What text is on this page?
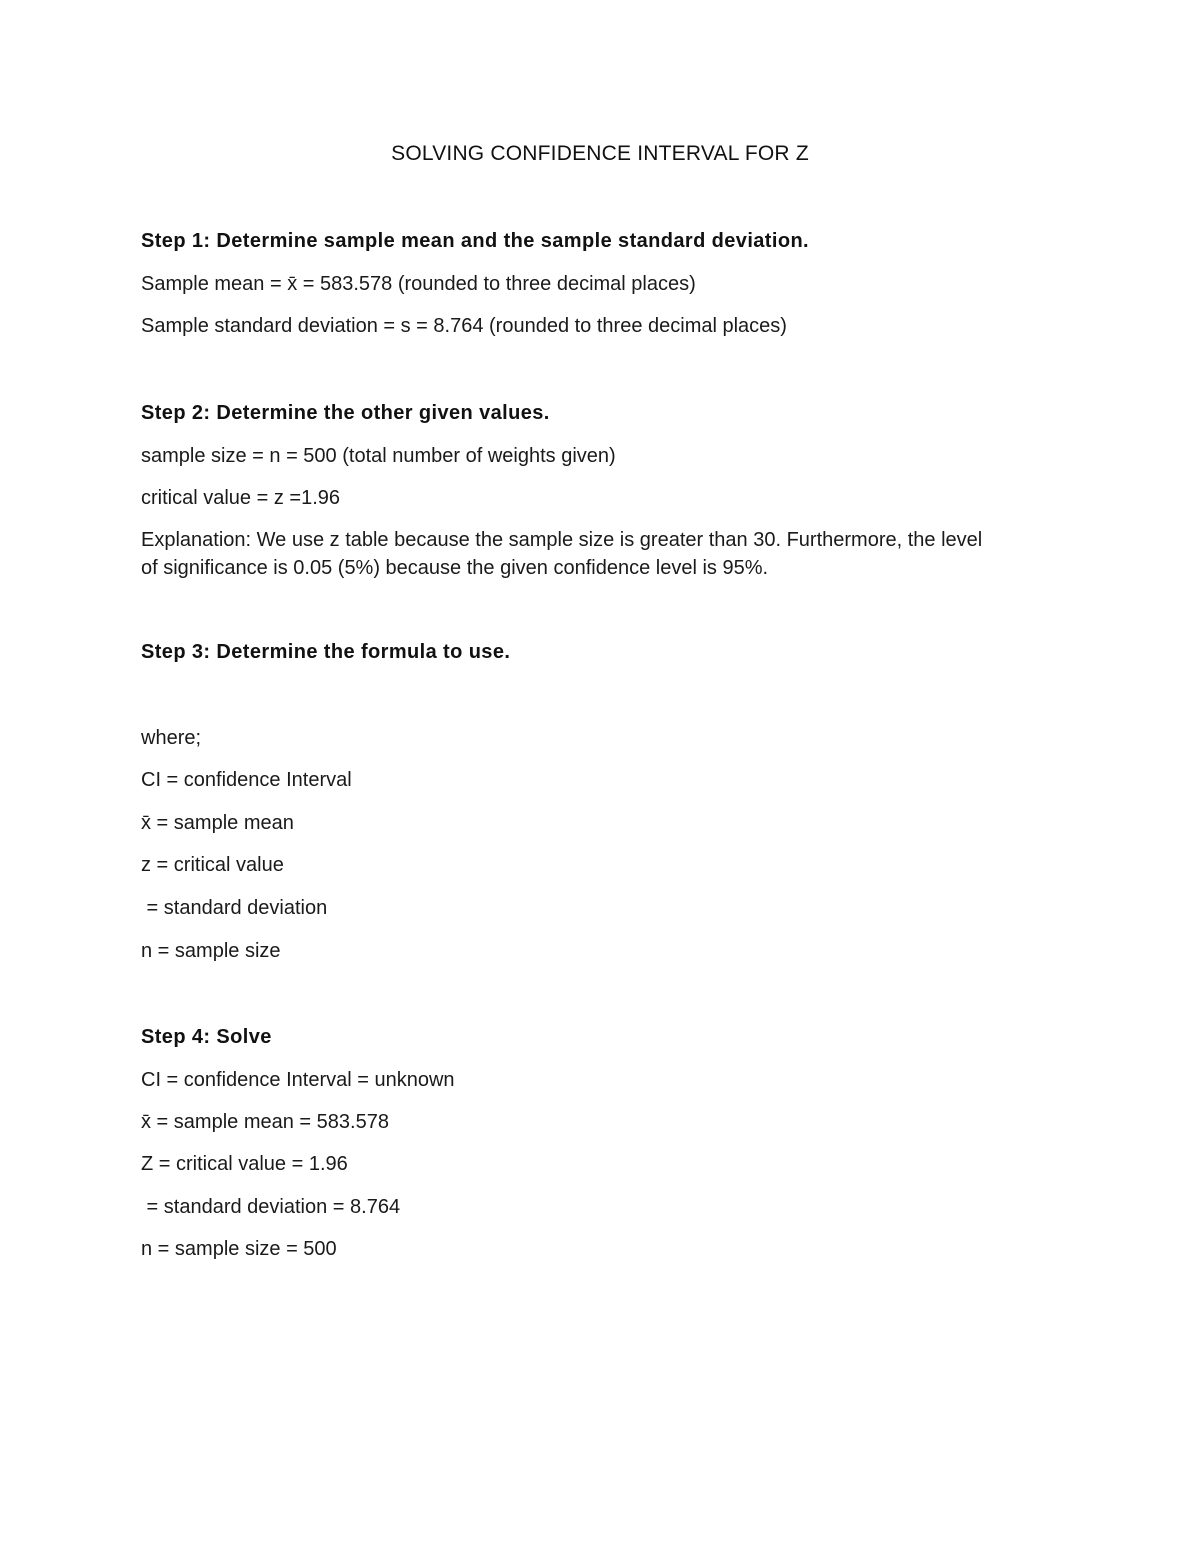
SOLVING CONFIDENCE INTERVAL FOR Z
Step 1: Determine sample mean and the sample standard deviation.
Sample mean = x̄ = 583.578 (rounded to three decimal places)
Sample standard deviation = s = 8.764 (rounded to three decimal places)
Step 2: Determine the other given values.
sample size = n = 500 (total number of weights given)
critical value = z =1.96
Explanation: We use z table because the sample size is greater than 30. Furthermore, the level
of significance is 0.05 (5%) because the given confidence level is 95%.
Step 3: Determine the formula to use.
where;
CI = confidence Interval
x̄ = sample mean
z = critical value
= standard deviation
n = sample size
Step 4: Solve
CI = confidence Interval = unknown
x̄ = sample mean = 583.578
Z = critical value = 1.96
= standard deviation = 8.764
n = sample size = 500
